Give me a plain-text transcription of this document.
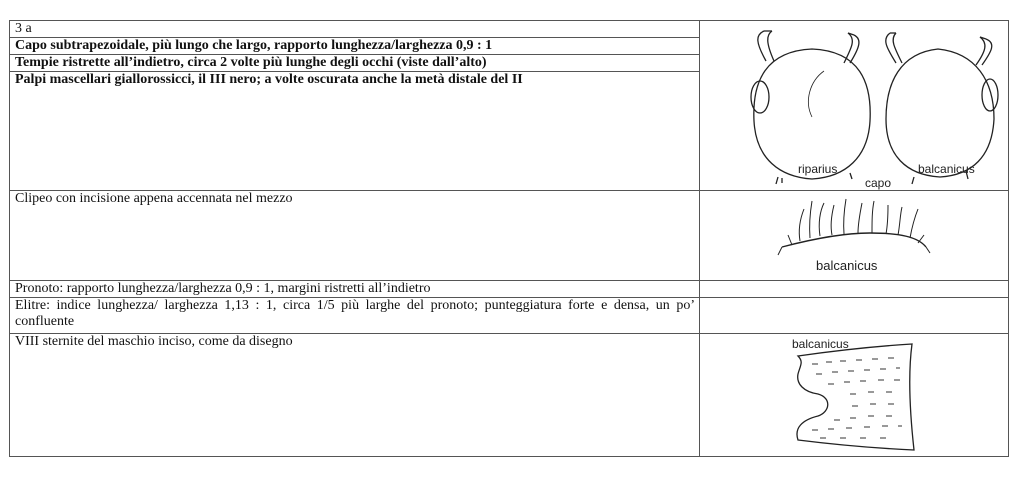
3 a	riparius balcanicus
capo

Capo subtrapezoidale, più lungo che largo, rapporto lunghezza/larghezza 0,9 : 1	
Tempie ristrette all’indietro, circa 2 volte più lunghe degli occhi (viste dall’alto)	
Palpi mascellari giallorossicci, il III nero; a volte oscurata anche la metà distale del II	
Clipeo con incisione appena accennata nel mezzo	balcanicus

Pronoto: rapporto lunghezza/larghezza 0,9 : 1, margini ristretti all’indietro	
Elitre: indice lunghezza/ larghezza 1,13 : 1, circa 1/5 più larghe del pronoto; punteggiatura forte e densa, un po’ confluente	
VIII sternite del maschio inciso, come da disegno	balcanicus
